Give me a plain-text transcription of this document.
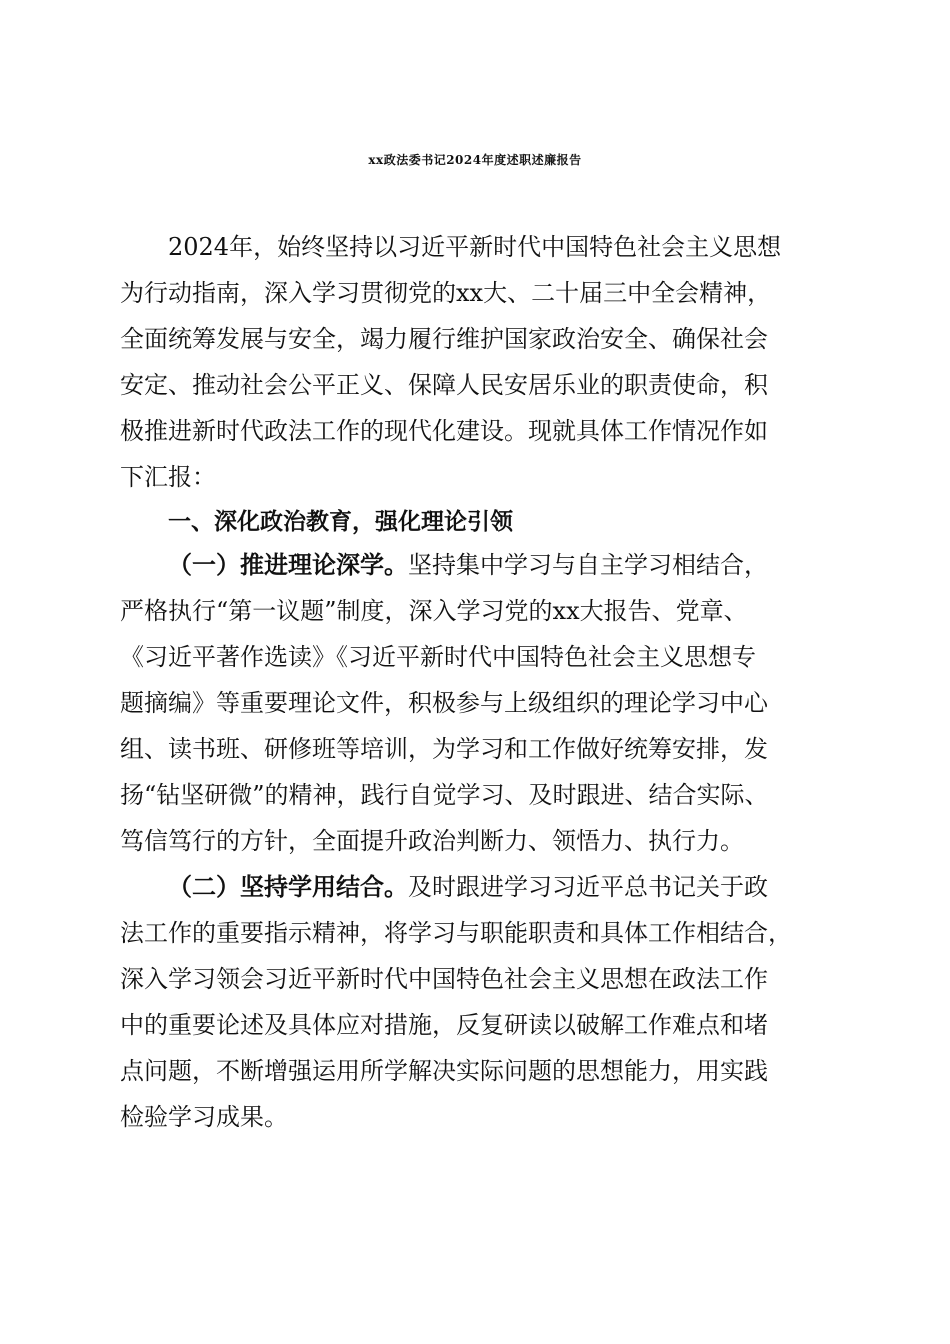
xx政法委书记2024年度述职述廉报告
2024年，始终坚持以习近平新时代中国特色社会主义思想
为行动指南，深入学习贯彻党的xx大、二十届三中全会精神，
全面统筹发展与安全，竭力履行维护国家政治安全、确保社会
安定、推动社会公平正义、保障人民安居乐业的职责使命，积
极推进新时代政法工作的现代化建设。现就具体工作情况作如
下汇报：
一、深化政治教育，强化理论引领
（一）推进理论深学。坚持集中学习与自主学习相结合，
严格执行“第一议题”制度，深入学习党的xx大报告、党章、
《习近平著作选读》《习近平新时代中国特色社会主义思想专
题摘编》等重要理论文件，积极参与上级组织的理论学习中心
组、读书班、研修班等培训，为学习和工作做好统筹安排，发
扬“钻坚研微”的精神，践行自觉学习、及时跟进、结合实际、
笃信笃行的方针，全面提升政治判断力、领悟力、执行力。
（二）坚持学用结合。及时跟进学习习近平总书记关于政
法工作的重要指示精神，将学习与职能职责和具体工作相结合，
深入学习领会习近平新时代中国特色社会主义思想在政法工作
中的重要论述及具体应对措施，反复研读以破解工作难点和堵
点问题，不断增强运用所学解决实际问题的思想能力，用实践
检验学习成果。
